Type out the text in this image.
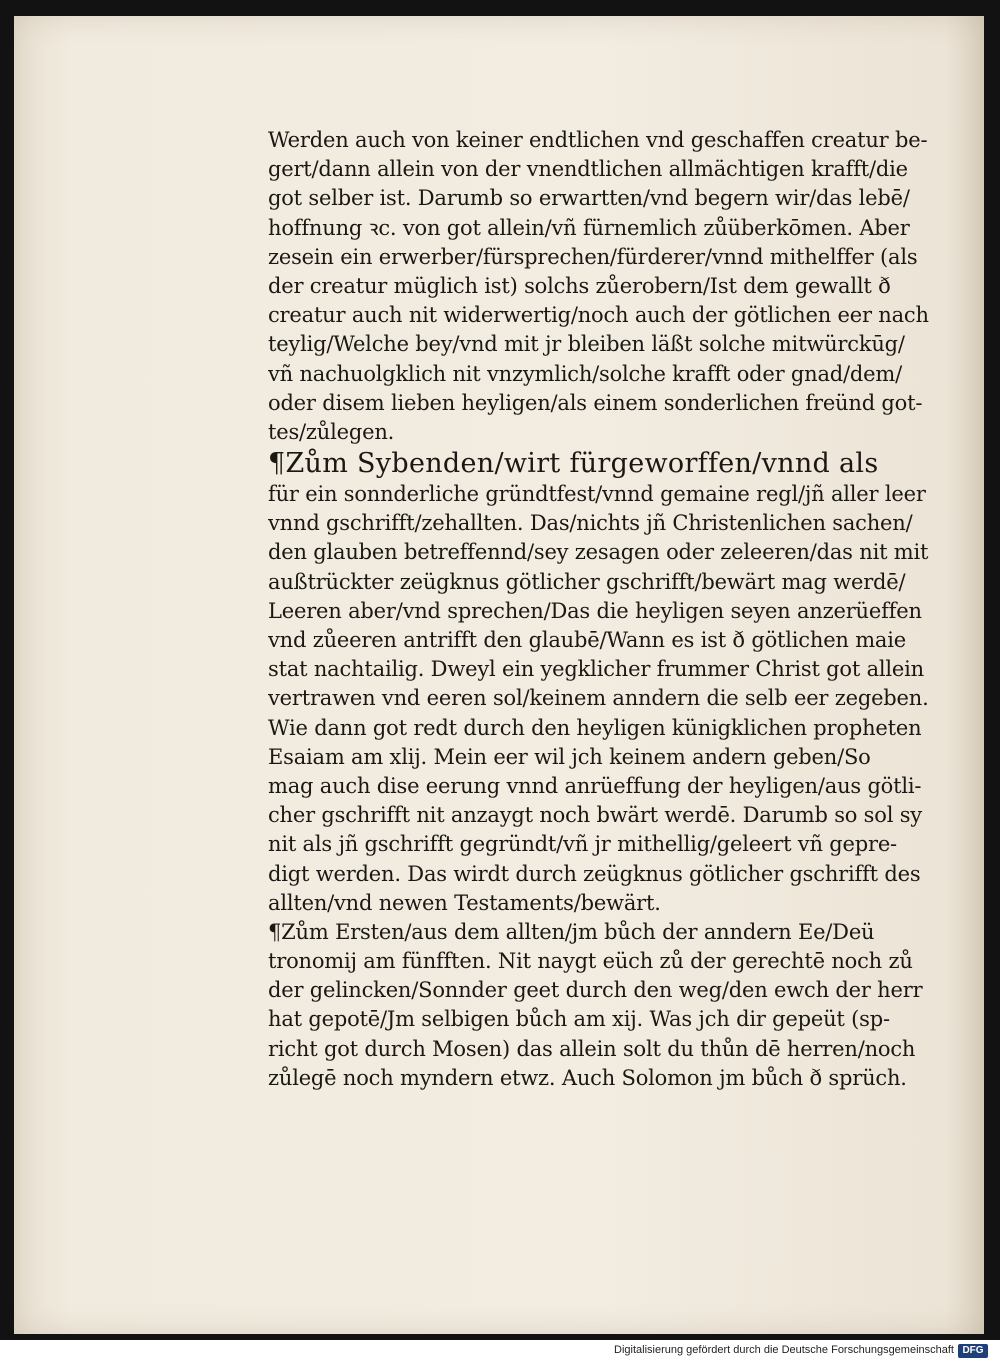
Werden auch von keiner endtlichen vnd geschaffen creatur be-
gert/dann allein von der vnendtlichen allmächtigen krafft/die
got selber ist. Darumb so erwartten/vnd begern wir/das lebē/
hoffnung ꝛc. von got allein/vñ fürnemlich zůüberkōmen. Aber
zesein ein erwerber/fürsprechen/fürderer/vnnd mithelffer (als
der creatur müglich ist) solchs zůerobern/Ist dem gewallt ð
creatur auch nit widerwertig/noch auch der götlichen eer nach
teylig/Welche bey/vnd mit jr bleiben läßt solche mitwürckūg/
vñ nachuolgklich nit vnzymlich/solche krafft oder gnad/dem/
oder disem lieben heyligen/als einem sonderlichen freünd got-
tes/zůlegen.
¶Zům Sybenden/wirt fürgeworffen/vnnd als
für ein sonnderliche gründtfest/vnnd gemaine regl/jñ aller leer
vnnd gschrifft/zehallten. Das/nichts jñ Christenlichen sachen/
den glauben betreffennd/sey zesagen oder zeleeren/das nit mit
außtrückter zeügknus götlicher gschrifft/bewärt mag werdē/
Leeren aber/vnd sprechen/Das die heyligen seyen anzerüeffen
vnd zůeeren antrifft den glaubē/Wann es ist ð götlichen maie
stat nachtailig. Dweyl ein yegklicher frummer Christ got allein
vertrawen vnd eeren sol/keinem anndern die selb eer zegeben.
Wie dann got redt durch den heyligen künigklichen propheten
Esaiam am xlij. Mein eer wil jch keinem andern geben/So
mag auch dise eerung vnnd anrüeffung der heyligen/aus götli-
cher gschrifft nit anzaygt noch bwärt werdē. Darumb so sol sy
nit als jñ gschrifft gegründt/vñ jr mithellig/geleert vñ gepre-
digt werden. Das wirdt durch zeügknus götlicher gschrifft des
allten/vnd newen Testaments/bewärt.
¶Zům Ersten/aus dem allten/jm bůch der anndern Ee/Deü
tronomij am fünfften. Nit naygt eüch zů der gerechtē noch zů
der gelincken/Sonnder geet durch den weg/den ewch der herr
hat gepotē/Jm selbigen bůch am xij. Was jch dir gepeüt (sp-
richt got durch Mosen) das allein solt du thůn dē herren/noch
zůlegē noch myndern etwz. Auch Solomon jm bůch ð sprüch.
Digitalisierung gefördert durch die Deutsche Forschungsgemeinschaft DFG
